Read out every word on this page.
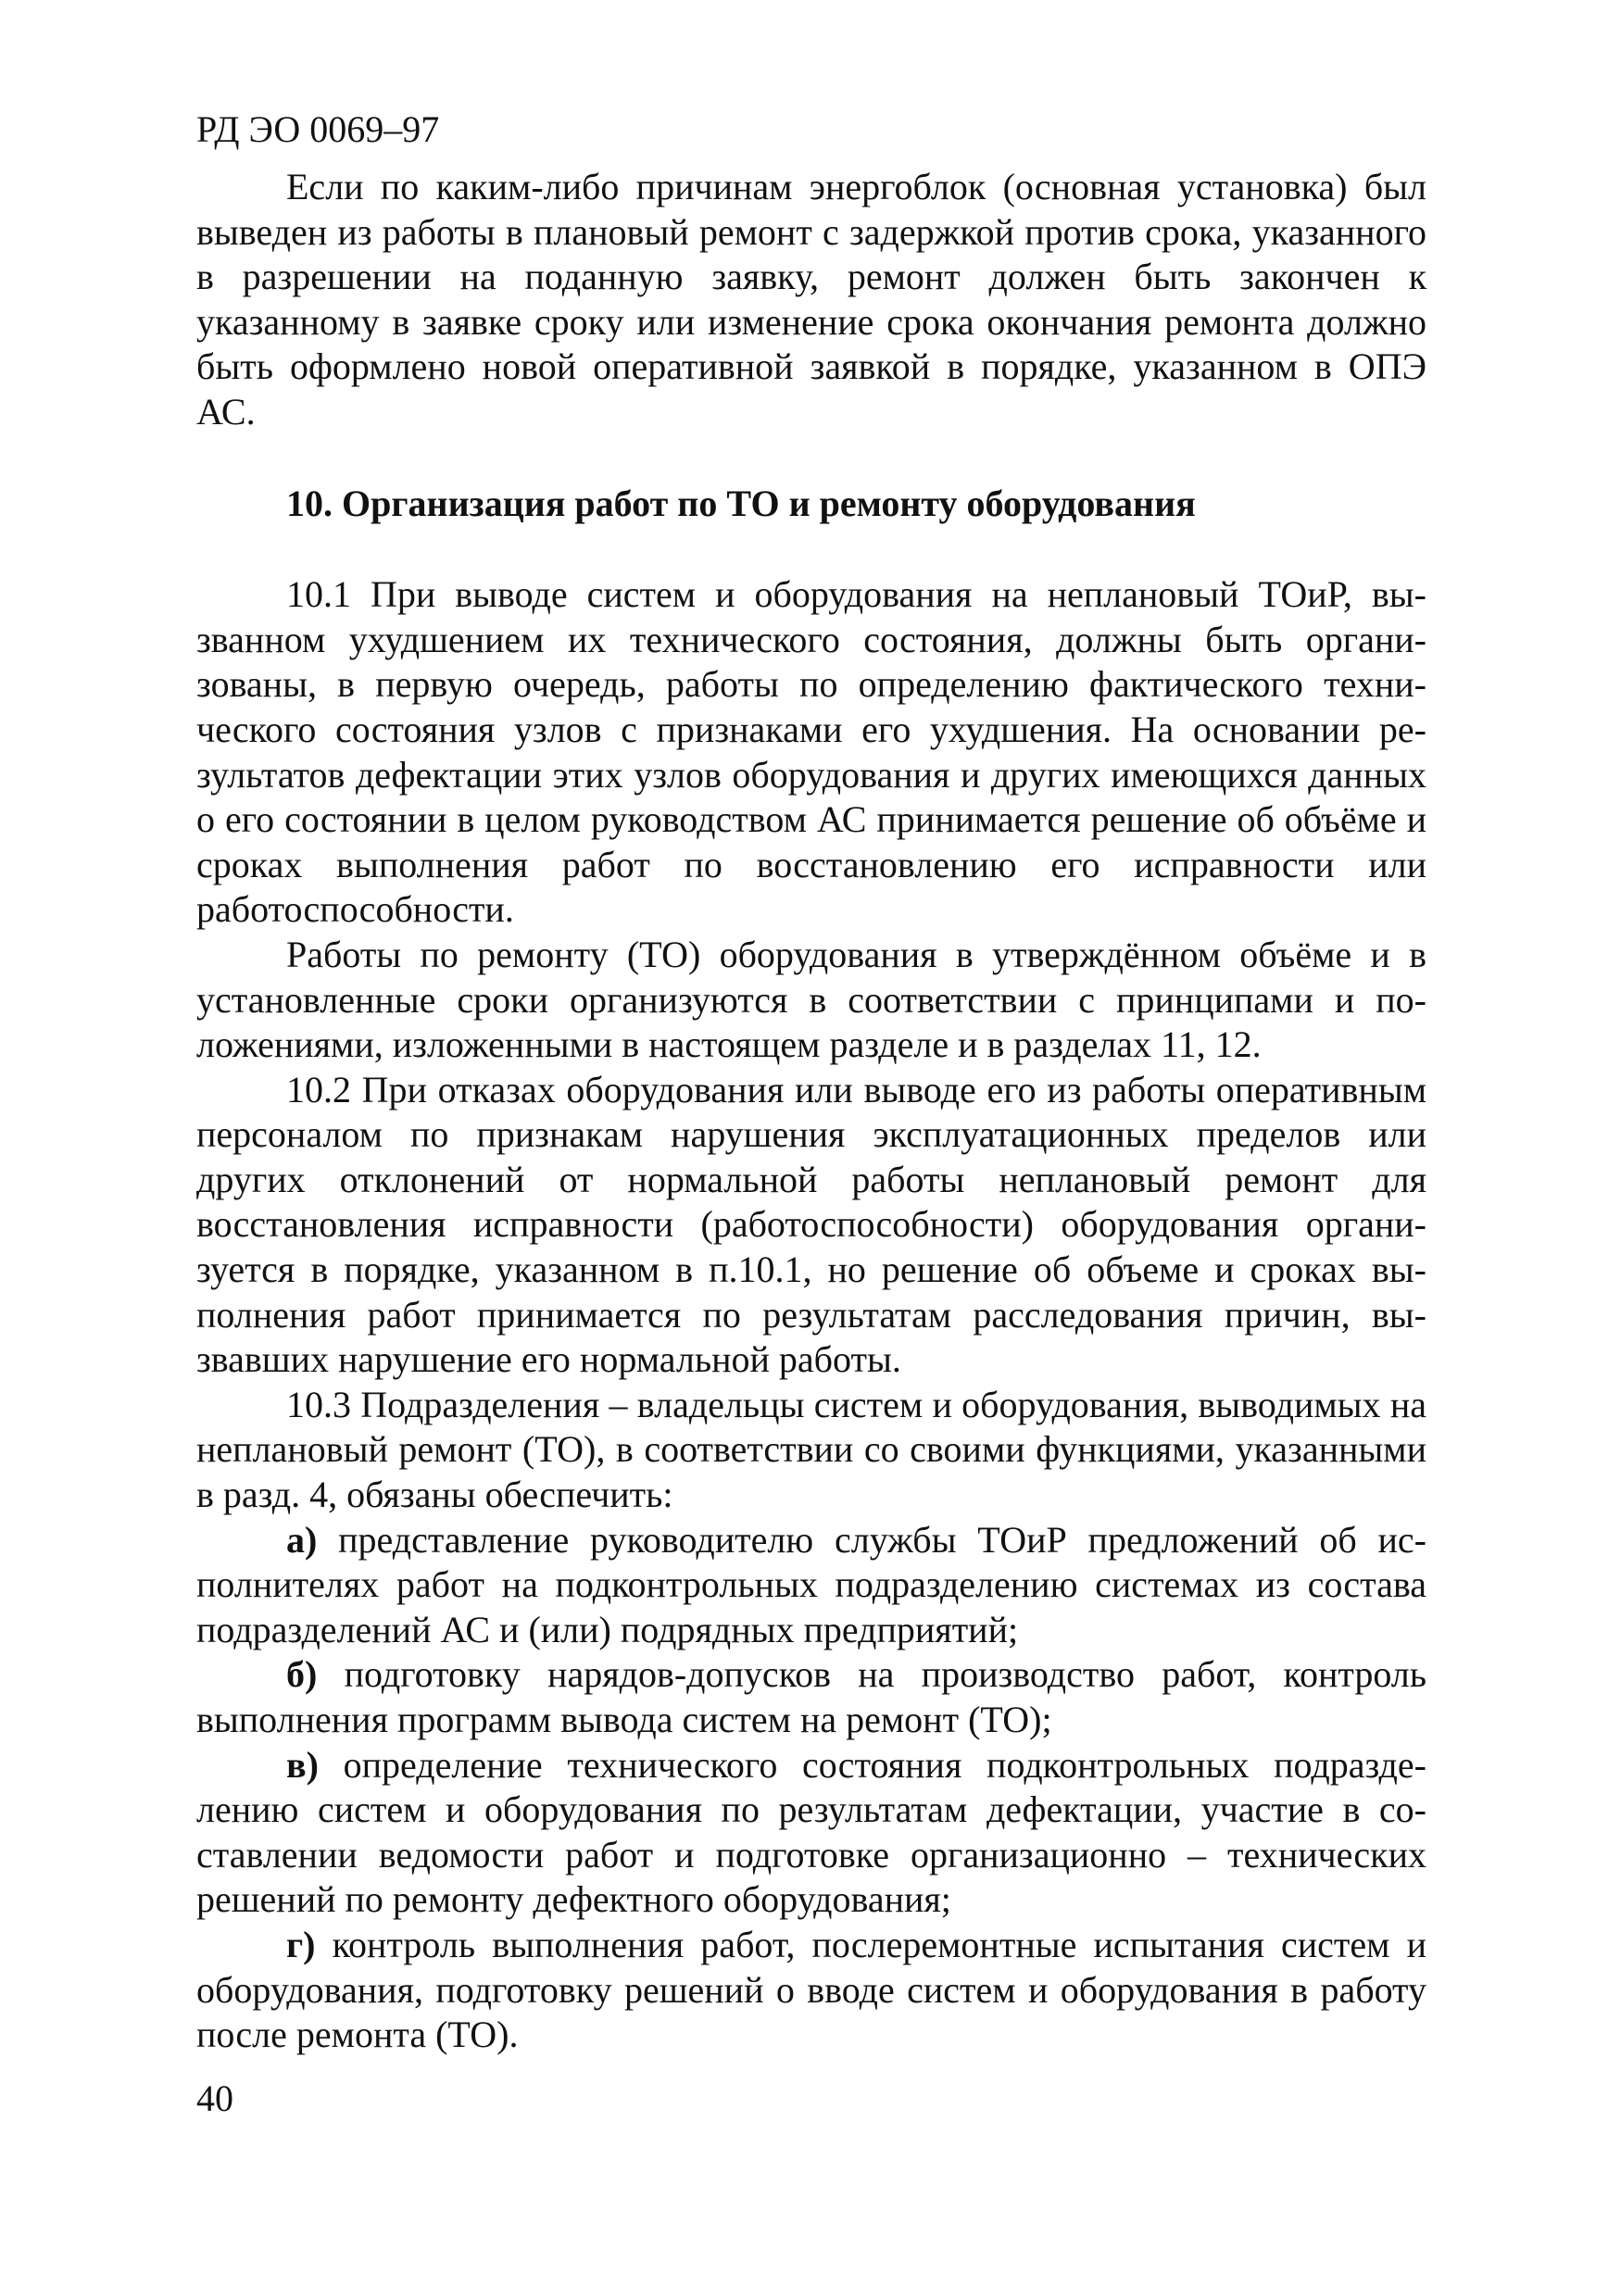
РД ЭО 0069–97

Если по каким-либо причинам энергоблок (основная установка) был выведен из работы в плановый ремонт с задержкой против срока, указанного в разрешении на поданную заявку, ремонт должен быть закончен к указанному в заявке сроку или изменение срока окончания ремонта должно быть оформлено новой оперативной заявкой в порядке, указанном в ОПЭ АС.

10. Организация работ по ТО и ремонту оборудования

10.1 При выводе систем и оборудования на неплановый ТОиР, вызванном ухудшением их технического состояния, должны быть организованы, в первую очередь, работы по определению фактического технического состояния узлов с признаками его ухудшения. На основании результатов дефектации этих узлов оборудования и других имеющихся данных о его состоянии в целом руководством АС принимается решение об объёме и сроках выполнения работ по восстановлению его исправности или работоспособности.

Работы по ремонту (ТО) оборудования в утверждённом объёме и в установленные сроки организуются в соответствии с принципами и положениями, изложенными в настоящем разделе и в разделах 11, 12.

10.2 При отказах оборудования или выводе его из работы оперативным персоналом по признакам нарушения эксплуатационных пределов или других отклонений от нормальной работы неплановый ремонт для восстановления исправности (работоспособности) оборудования организуется в порядке, указанном в п.10.1, но решение об объеме и сроках выполнения работ принимается по результатам расследования причин, вызвавших нарушение его нормальной работы.

10.3 Подразделения – владельцы систем и оборудования, выводимых на неплановый ремонт (ТО), в соответствии со своими функциями, указанными в разд. 4, обязаны обеспечить:

а) представление руководителю службы ТОиР предложений об исполнителях работ на подконтрольных подразделению системах из состава подразделений АС и (или) подрядных предприятий;

б) подготовку нарядов-допусков на производство работ, контроль выполнения программ вывода систем на ремонт (ТО);

в) определение технического состояния подконтрольных подразделению систем и оборудования по результатам дефектации, участие в составлении ведомости работ и подготовке организационно – технических решений по ремонту дефектного оборудования;

г) контроль выполнения работ, послеремонтные испытания систем и оборудования, подготовку решений о вводе систем и оборудования в работу после ремонта (ТО).

40
